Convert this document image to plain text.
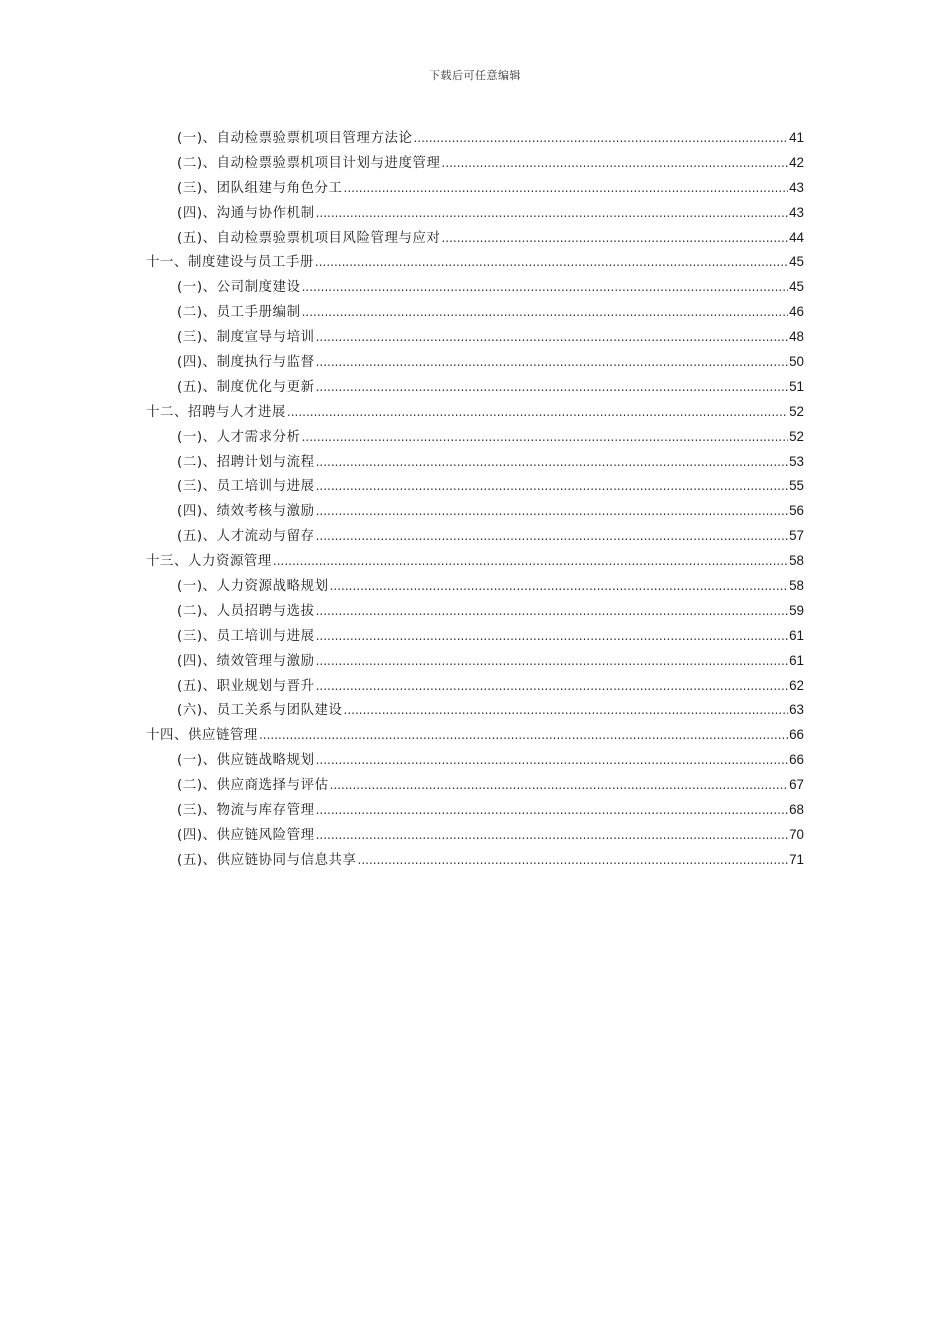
下载后可任意编辑
(一)、自动检票验票机项目管理方法论 .....	41
(二)、自动检票验票机项目计划与进度管理 .....	42
(三)、团队组建与角色分工 .....	43
(四)、沟通与协作机制 .....	43
(五)、自动检票验票机项目风险管理与应对 .....	44
十一、制度建设与员工手册 .....	45
(一)、公司制度建设 .....	45
(二)、员工手册编制 .....	46
(三)、制度宣导与培训 .....	48
(四)、制度执行与监督 .....	50
(五)、制度优化与更新 .....	51
十二、招聘与人才进展 .....	52
(一)、人才需求分析 .....	52
(二)、招聘计划与流程 .....	53
(三)、员工培训与进展 .....	55
(四)、绩效考核与激励 .....	56
(五)、人才流动与留存 .....	57
十三、人力资源管理 .....	58
(一)、人力资源战略规划 .....	58
(二)、人员招聘与选拔 .....	59
(三)、员工培训与进展 .....	61
(四)、绩效管理与激励 .....	61
(五)、职业规划与晋升 .....	62
(六)、员工关系与团队建设 .....	63
十四、供应链管理 .....	66
(一)、供应链战略规划 .....	66
(二)、供应商选择与评估 .....	67
(三)、物流与库存管理 .....	68
(四)、供应链风险管理 .....	70
(五)、供应链协同与信息共享 .....	71
